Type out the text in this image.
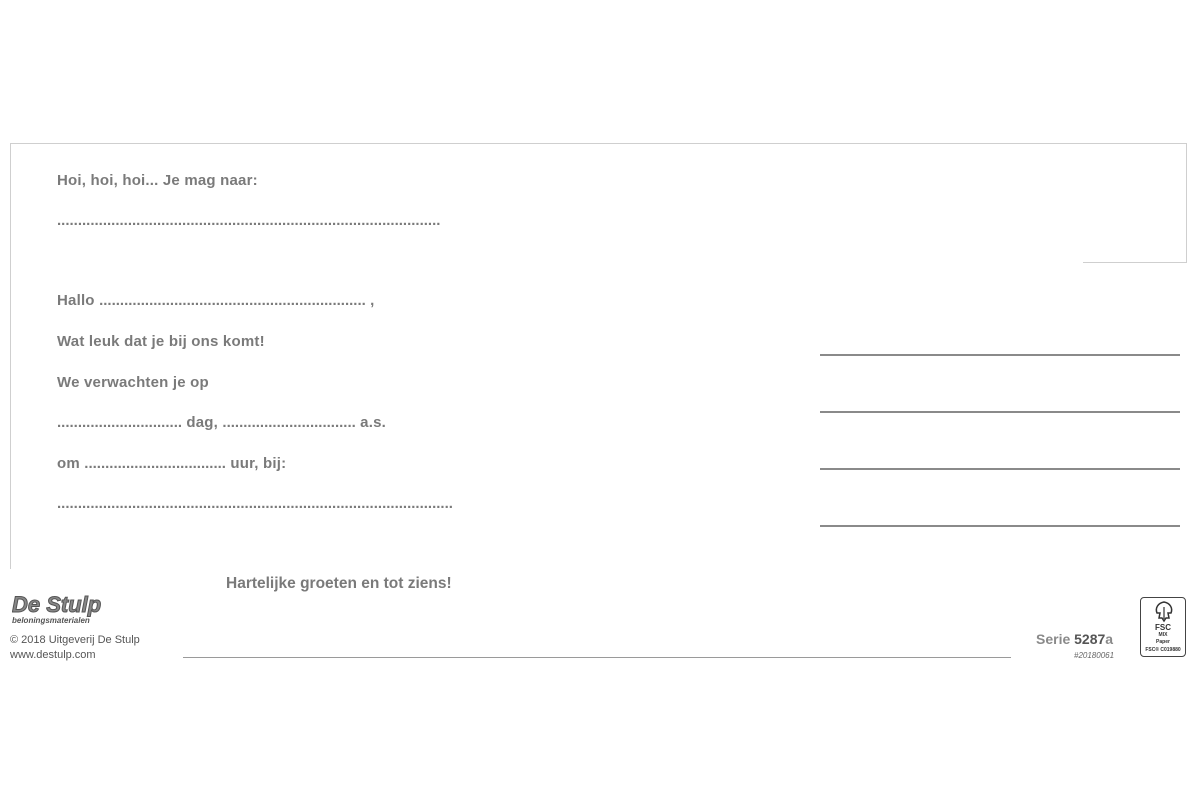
Hoi, hoi, hoi... Je mag naar:
............................................................................................
Hallo ................................................................ ,
Wat leuk dat je bij ons komt!
We verwachten je op
.............................. dag, ................................ a.s.
om .................................. uur, bij:
...............................................................................................
Hartelijke groeten en tot ziens!
De Stulp
beloningsmaterialen
© 2018 Uitgeverij De Stulp
www.destulp.com
Serie 5287a
#20180061
FSC
MIX
Paper
FSC® C019880
